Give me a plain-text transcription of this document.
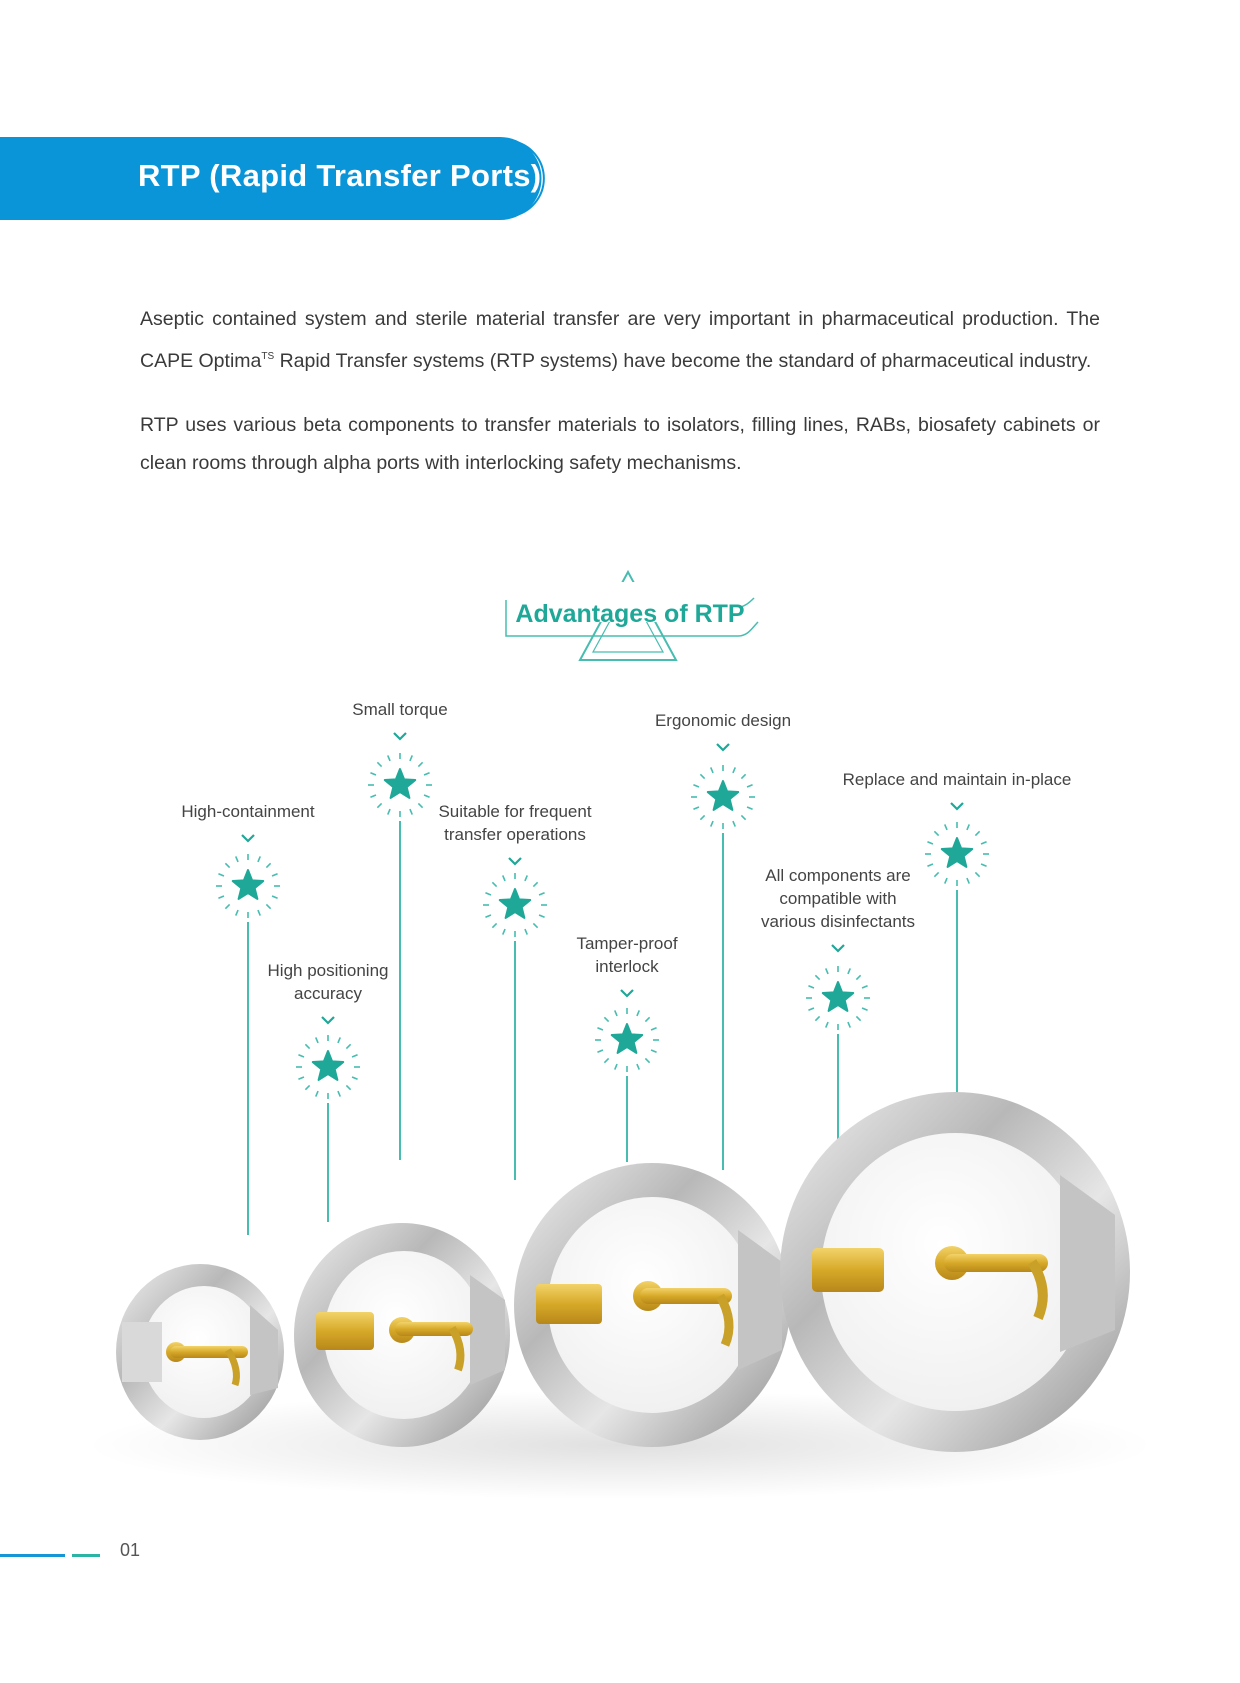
RTP (Rapid Transfer Ports)
Aseptic contained system and sterile material transfer are very important in pharmaceutical production. The CAPE Optima$^{TS}$ Rapid Transfer systems (RTP systems) have become the standard of pharmaceutical industry.
RTP uses various beta components to transfer materials to isolators, filling lines, RABs, biosafety cabinets or clean rooms through alpha ports with interlocking safety mechanisms.
Advantages of RTP
High-containment
High positioning
accuracy
Small torque
Suitable for frequent
transfer operations
Tamper-proof
interlock
Ergonomic design
All components are
compatible with
various disinfectants
Replace and maintain in-place
01
